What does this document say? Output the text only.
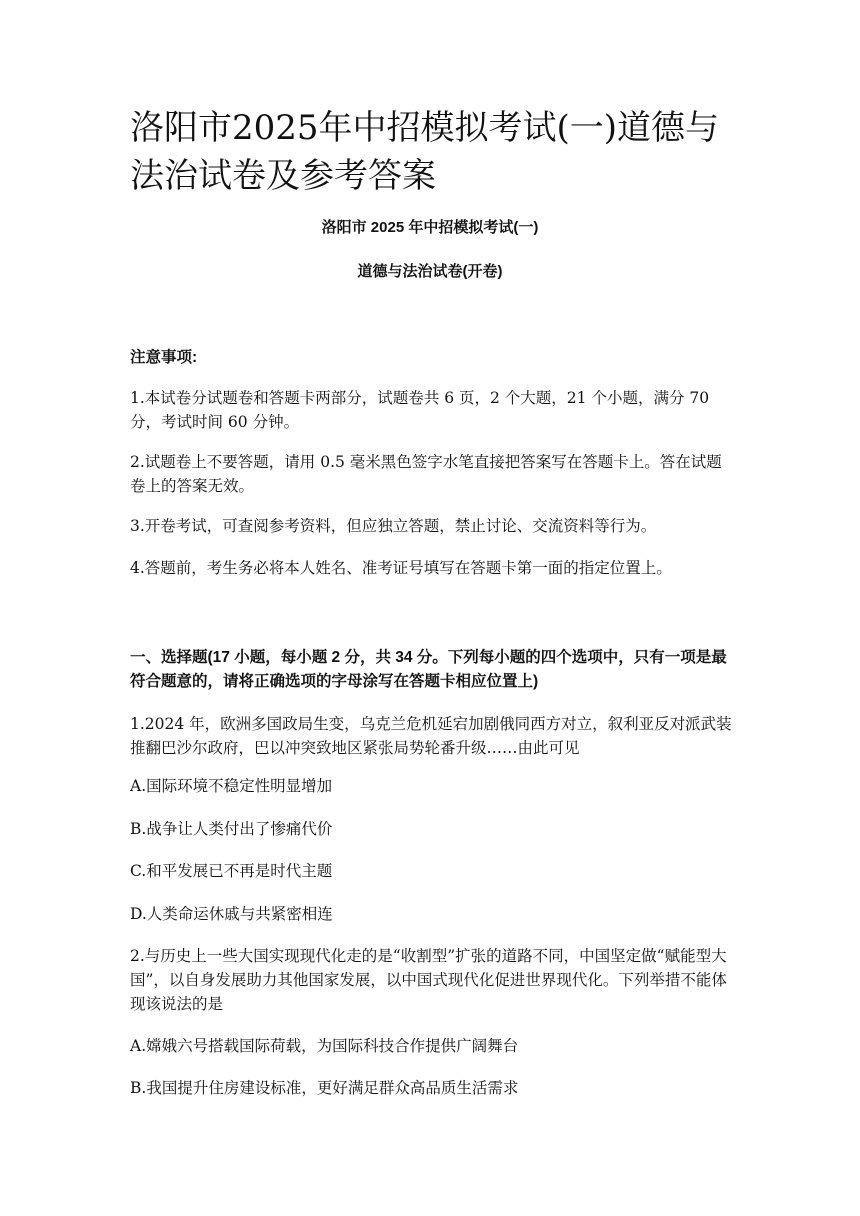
洛阳市2025年中招模拟考试(一)道德与法治试卷及参考答案
洛阳市 2025 年中招模拟考试(一)
道德与法治试卷(开卷)
注意事项:
1.本试卷分试题卷和答题卡两部分，试题卷共 6 页，2 个大题，21 个小题，满分 70 分，考试时间 60 分钟。
2.试题卷上不要答题，请用 0.5 毫米黑色签字水笔直接把答案写在答题卡上。答在试题卷上的答案无效。
3.开卷考试，可查阅参考资料，但应独立答题，禁止讨论、交流资料等行为。
4.答题前，考生务必将本人姓名、准考证号填写在答题卡第一面的指定位置上。
一、选择题(17 小题，每小题 2 分，共 34 分。下列每小题的四个选项中，只有一项是最符合题意的，请将正确选项的字母涂写在答题卡相应位置上)
1.2024 年，欧洲多国政局生变，乌克兰危机延宕加剧俄同西方对立，叙利亚反对派武装推翻巴沙尔政府，巴以冲突致地区紧张局势轮番升级……由此可见
A.国际环境不稳定性明显增加
B.战争让人类付出了惨痛代价
C.和平发展已不再是时代主题
D.人类命运休戚与共紧密相连
2.与历史上一些大国实现现代化走的是“收割型”扩张的道路不同，中国坚定做“赋能型大国”，以自身发展助力其他国家发展，以中国式现代化促进世界现代化。下列举措不能体现该说法的是
A.嫦娥六号搭载国际荷载，为国际科技合作提供广阔舞台
B.我国提升住房建设标准，更好满足群众高品质生活需求
